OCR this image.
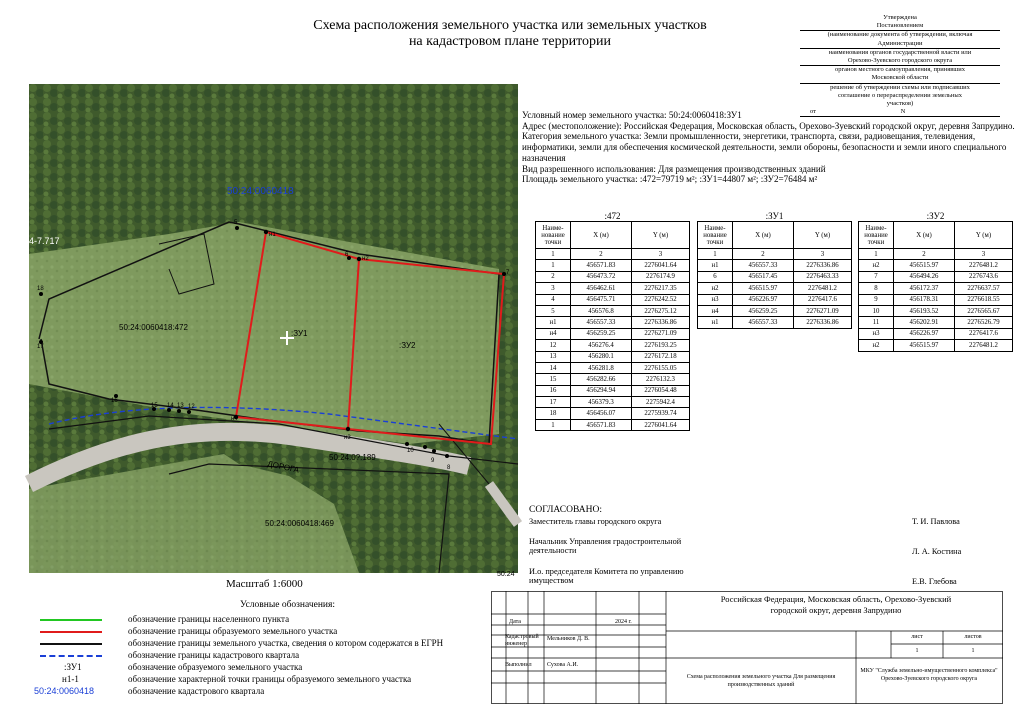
Схема расположения земельного участка или земельных участков
на кадастровом плане территории
Утверждена
Постановлением
(наименование документа об утверждении, включая
Администрации
наименования органов государственной власти или
Орехово-Зуевского городского округа
органов местного самоуправления, принявших
Московской области
решение об утверждении схемы или подписавших
соглашение о перераспределении земельных
участков)
от	N
Условный номер земельного участка: 50:24:0060418:ЗУ1
Адрес (местоположение): Российская Федерация, Московская область, Орехово-Зуевский городской округ, деревня Запрудино.
Категория земельного участка: Земли промышленности, энергетики, транспорта, связи, радиовещания, телевидения, информатики, земли для обеспечения космической деятельности, земли обороны, безопасности и земли иного специального назначения
Вид разрешенного использования: Для размещения производственных зданий
Площадь земельного участка: :472=79719 м²; :ЗУ1=44807 м²; :ЗУ2=76484 м²
:472
Наиме-нование точки	X (м)	Y (м)
1	2	3
1	456571.83	2276041.64
2	456473.72	2276174.9
3	456462.61	2276217.35
4	456475.71	2276242.52
5	456576.8	2276275.12
н1	456557.33	2276336.86
н4	456259.25	2276271.09
12	456276.4	2276193.25
13	456280.1	2276172.18
14	456281.8	2276155.05
15	456282.66	2276132.3
16	456294.94	2276054.48
17	456379.3	2275942.4
18	456456.07	2275939.74
1	456571.83	2276041.64
:ЗУ1
Наиме-нование точки	X (м)	Y (м)
1	2	3
н1	456557.33	2276336.86
6	456517.45	2276463.33
н2	456515.97	2276481.2
н3	456226.97	2276417.6
н4	456259.25	2276271.09
н1	456557.33	2276336.86
:ЗУ2
Наиме-нование точки	X (м)	Y (м)
1	2	3
н2	456515.97	2276481.2
7	456494.26	2276743.6
8	456172.37	2276637.57
9	456178.31	2276618.55
10	456193.52	2276565.67
11	456202.91	2276526.79
н3	456226.97	2276417.6
н2	456515.97	2276481.2
50:24:0060418
4-7.717
50:24:0060418:472
:ЗУ1
:ЗУ2
ДОРОГА
50:24:0?.189
50:24:0060418:469
50:24
н1
н2
н3
н4
5
6
7
8
9
10
18
17
16
15 14 13 12
Масштаб 1:6000
Условные обозначения:
обозначение границы населенного пункта
обозначение границы образуемого земельного участка
обозначение границы земельного участка, сведения о котором содержатся в ЕГРН
обозначение границы кадастрового квартала
:ЗУ1	обозначение образуемого земельного участка
н1-1	обозначение характерной точки границы образуемого земельного участка
50:24:0060418	обозначение кадастрового квартала
СОГЛАСОВАНО:
Заместитель главы городского округа	Т. И. Павлова
Начальник Управления градостроительной деятельности	Л. А. Костина
И.о. председателя Комитета по управлению имуществом	Е.В. Глебова
Дата	2024 г.
Кадастровый инженер
Мельников Д. В.
Выполнил	Сухова А.И.
Российская Федерация, Московская область, Орехово-Зуевский городской округ, деревня Запрудино
лист	листов
1	1
Схема расположения земельного участка Для размещения производственных зданий
МКУ "Служба земельно-имущественного комплекса" Орехово-Зуевского городского округа
